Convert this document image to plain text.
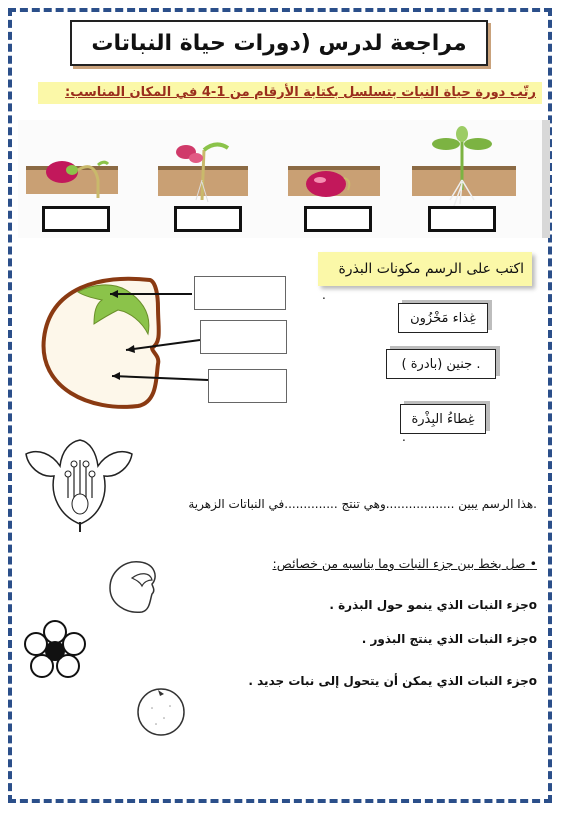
مراجعة لدرس (دورات حياة النباتات
رتّب دورة حياة النبات بتسلسل بكتابة الأرقام من 1-4 في المكان المناسب:
اكتب على الرسم مكونات البذرة
.
غِذاء مَخْزُون
. جنين (بادرة )
غِطاءُ البِذْرة
.
.هذا الرسم يبين ..................وهي تنتج ..............في النباتات الزهرية
• صل بخط بين جزء النبات وما يناسبه من خصائص:
oجزء النبات الذي ينمو حول البذرة .
oجزء النبات الذي ينتج البذور .
oجزء النبات الذي يمكن أن يتحول إلى نبات جديد .
